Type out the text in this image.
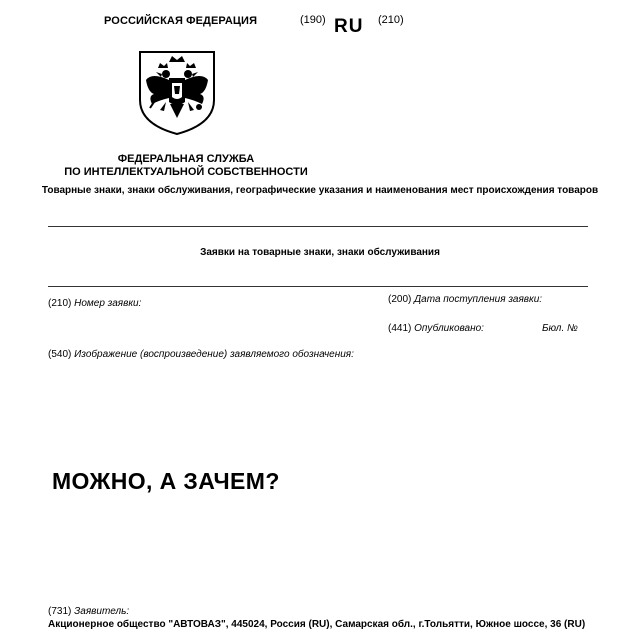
РОССИЙСКАЯ ФЕДЕРАЦИЯ	(190) RU (210)
ФЕДЕРАЛЬНАЯ СЛУЖБА
ПО ИНТЕЛЛЕКТУАЛЬНОЙ СОБСТВЕННОСТИ
Товарные знаки, знаки обслуживания, географические указания и наименования мест происхождения товаров
Заявки на товарные знаки, знаки обслуживания
(210) Номер заявки:	(200) Дата поступления заявки:
(441) Опубликовано:	Бюл. №
(540) Изображение (воспроизведение) заявляемого обозначения:
МОЖНО, А ЗАЧЕМ?
(731) Заявитель:
Акционерное общество "АВТОВАЗ", 445024, Россия (RU), Самарская обл., г.Тольятти, Южное шоссе, 36 (RU)
